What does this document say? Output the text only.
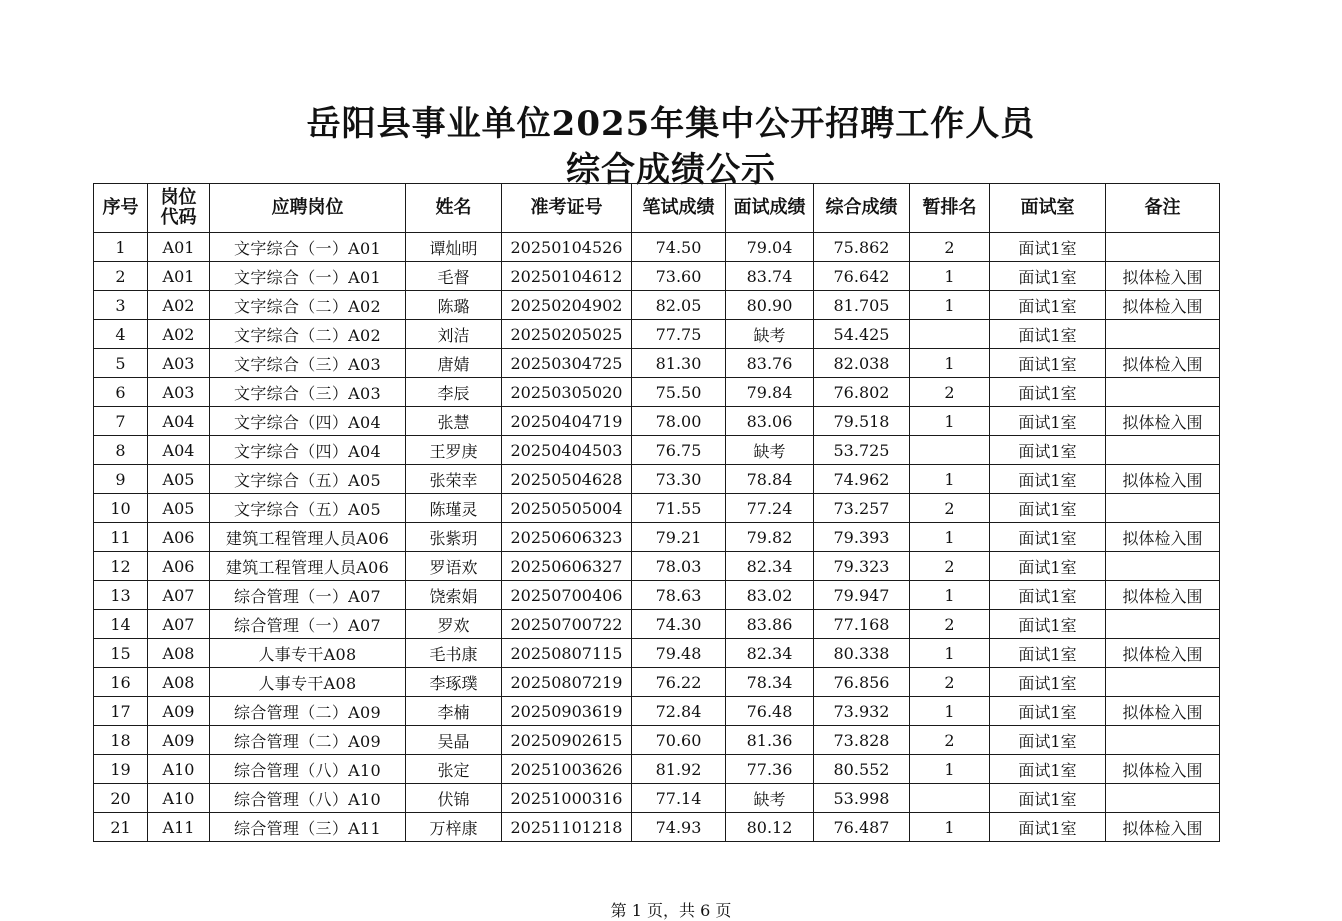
岳阳县事业单位2025年集中公开招聘工作人员
综合成绩公示
序号	岗位代码	应聘岗位	姓名	准考证号	笔试成绩	面试成绩	综合成绩	暂排名	面试室	备注
1	A01	文字综合（一）A01	谭灿明	20250104526	74.50	79.04	75.862	2	面试1室	
2	A01	文字综合（一）A01	毛督	20250104612	73.60	83.74	76.642	1	面试1室	拟体检入围
3	A02	文字综合（二）A02	陈璐	20250204902	82.05	80.90	81.705	1	面试1室	拟体检入围
4	A02	文字综合（二）A02	刘洁	20250205025	77.75	缺考	54.425		面试1室	
5	A03	文字综合（三）A03	唐婧	20250304725	81.30	83.76	82.038	1	面试1室	拟体检入围
6	A03	文字综合（三）A03	李辰	20250305020	75.50	79.84	76.802	2	面试1室	
7	A04	文字综合（四）A04	张慧	20250404719	78.00	83.06	79.518	1	面试1室	拟体检入围
8	A04	文字综合（四）A04	王罗庚	20250404503	76.75	缺考	53.725		面试1室	
9	A05	文字综合（五）A05	张荣幸	20250504628	73.30	78.84	74.962	1	面试1室	拟体检入围
10	A05	文字综合（五）A05	陈瑾灵	20250505004	71.55	77.24	73.257	2	面试1室	
11	A06	建筑工程管理人员A06	张紫玥	20250606323	79.21	79.82	79.393	1	面试1室	拟体检入围
12	A06	建筑工程管理人员A06	罗语欢	20250606327	78.03	82.34	79.323	2	面试1室	
13	A07	综合管理（一）A07	饶索娟	20250700406	78.63	83.02	79.947	1	面试1室	拟体检入围
14	A07	综合管理（一）A07	罗欢	20250700722	74.30	83.86	77.168	2	面试1室	
15	A08	人事专干A08	毛书康	20250807115	79.48	82.34	80.338	1	面试1室	拟体检入围
16	A08	人事专干A08	李琢璞	20250807219	76.22	78.34	76.856	2	面试1室	
17	A09	综合管理（二）A09	李楠	20250903619	72.84	76.48	73.932	1	面试1室	拟体检入围
18	A09	综合管理（二）A09	吴晶	20250902615	70.60	81.36	73.828	2	面试1室	
19	A10	综合管理（八）A10	张定	20251003626	81.92	77.36	80.552	1	面试1室	拟体检入围
20	A10	综合管理（八）A10	伏锦	20251000316	77.14	缺考	53.998		面试1室	
21	A11	综合管理（三）A11	万梓康	20251101218	74.93	80.12	76.487	1	面试1室	拟体检入围
第 1 页，共 6 页
